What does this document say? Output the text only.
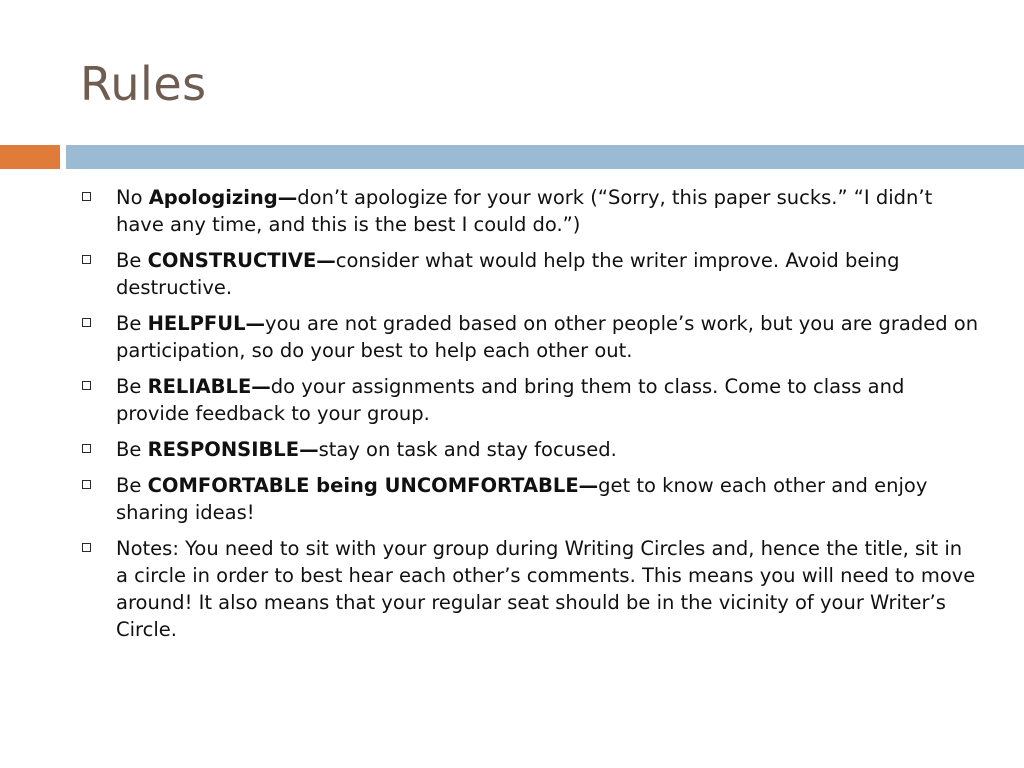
Rules
No Apologizing—don’t apologize for your work (“Sorry, this paper sucks.” “I didn’t have any time, and this is the best I could do.”)
Be CONSTRUCTIVE—consider what would help the writer improve. Avoid being destructive.
Be HELPFUL—you are not graded based on other people’s work, but you are graded on participation, so do your best to help each other out.
Be RELIABLE—do your assignments and bring them to class. Come to class and provide feedback to your group.
Be RESPONSIBLE—stay on task and stay focused.
Be COMFORTABLE being UNCOMFORTABLE—get to know each other and enjoy sharing ideas!
Notes: You need to sit with your group during Writing Circles and, hence the title, sit in a circle in order to best hear each other’s comments. This means you will need to move around! It also means that your regular seat should be in the vicinity of your Writer’s Circle.
